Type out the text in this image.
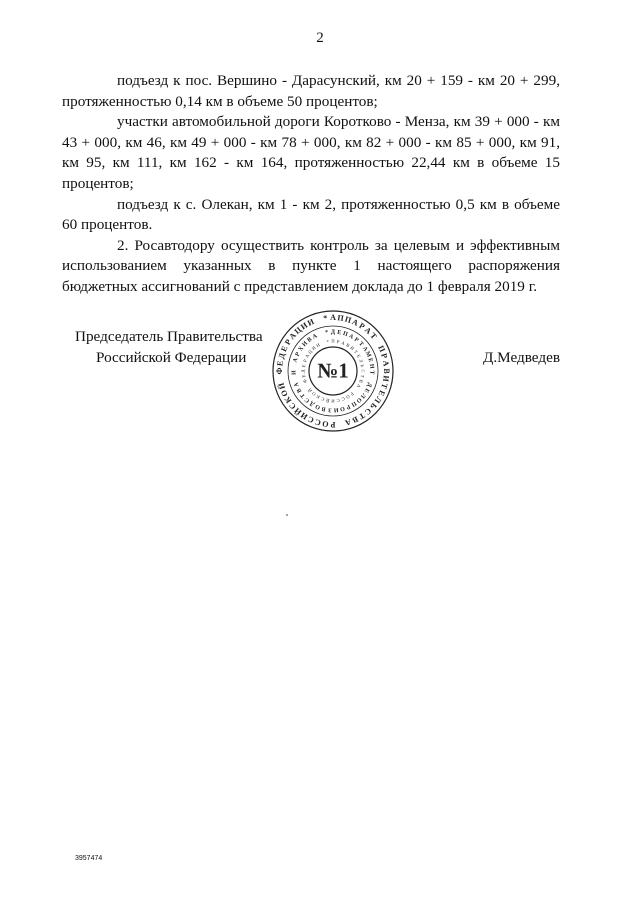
2

подъезд к пос. Вершино - Дарасунский, км 20 + 159 - км 20 + 299, протяженностью 0,14 км в объеме 50 процентов;

участки автомобильной дороги Коротково - Менза, км 39 + 000 - км 43 + 000, км 46, км 49 + 000 - км 78 + 000, км 82 + 000 - км 85 + 000, км 91, км 95, км 111, км 162 - км 164, протяженностью 22,44 км в объеме 15 процентов;

подъезд к с. Олекан, км 1 - км 2, протяженностью 0,5 км в объеме 60 процентов.

2. Росавтодору осуществить контроль за целевым и эффективным использованием указанных в пункте 1 настоящего распоряжения бюджетных ассигнований с представлением доклада до 1 февраля 2019 г.

Председатель Правительства
Российской Федерации	Д.Медведев
3957474
